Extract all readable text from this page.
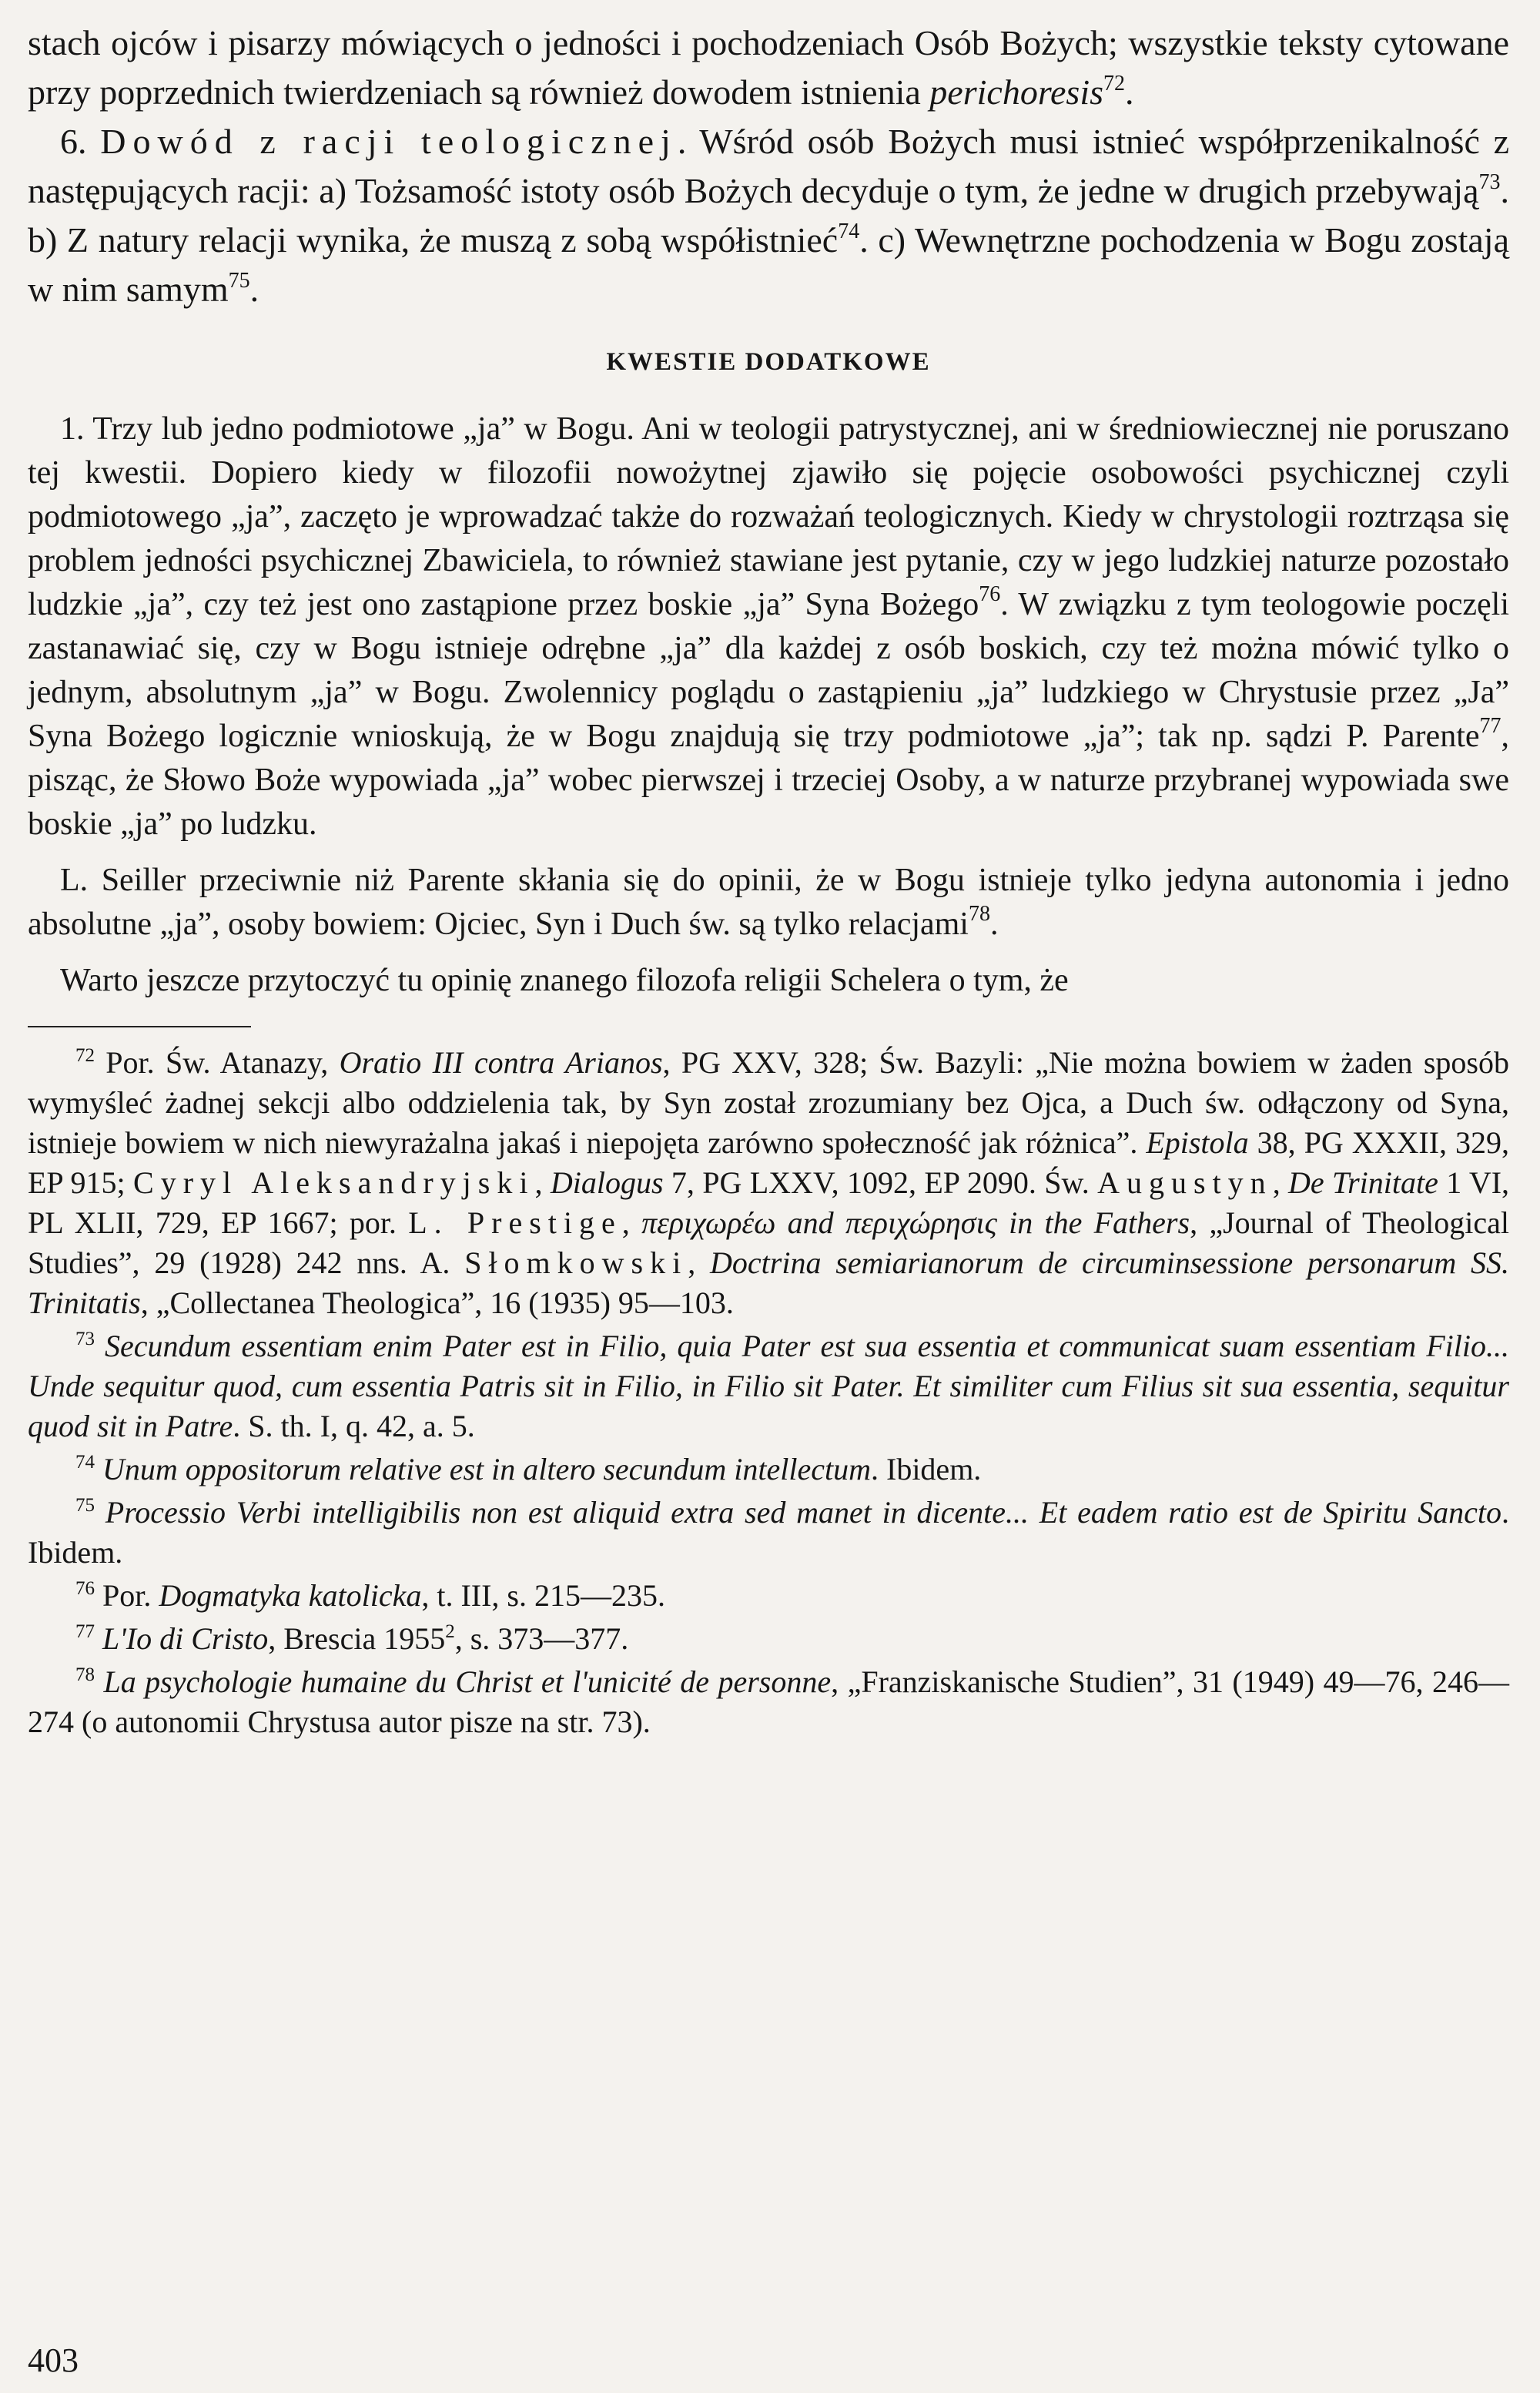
stach ojców i pisarzy mówiących o jedności i pochodzeniach Osób Bożych; wszystkie teksty cytowane przy poprzednich twierdzeniach są również dowodem istnienia perichoresis$^{72}$.

6. Dowód z racji teologicznej. Wśród osób Bożych musi istnieć współprzenikalność z następujących racji: a) Tożsamość istoty osób Bożych decyduje o tym, że jedne w drugich przebywają$^{73}$. b) Z natury relacji wynika, że muszą z sobą współistnieć$^{74}$. c) Wewnętrzne pochodzenia w Bogu zostają w nim samym$^{75}$.

KWESTIE DODATKOWE

1. Trzy lub jedno podmiotowe „ja” w Bogu. Ani w teologii patrystycznej, ani w średniowiecznej nie poruszano tej kwestii. Dopiero kiedy w filozofii nowożytnej zjawiło się pojęcie osobowości psychicznej czyli podmiotowego „ja”, zaczęto je wprowadzać także do rozważań teologicznych. Kiedy w chrystologii roztrząsa się problem jedności psychicznej Zbawiciela, to również stawiane jest pytanie, czy w jego ludzkiej naturze pozostało ludzkie „ja”, czy też jest ono zastąpione przez boskie „ja” Syna Bożego$^{76}$. W związku z tym teologowie poczęli zastanawiać się, czy w Bogu istnieje odrębne „ja” dla każdej z osób boskich, czy też można mówić tylko o jednym, absolutnym „ja” w Bogu. Zwolennicy poglądu o zastąpieniu „ja” ludzkiego w Chrystusie przez „Ja” Syna Bożego logicznie wnioskują, że w Bogu znajdują się trzy podmiotowe „ja”; tak np. sądzi P. Parente$^{77}$, pisząc, że Słowo Boże wypowiada „ja” wobec pierwszej i trzeciej Osoby, a w naturze przybranej wypowiada swe boskie „ja” po ludzku.

L. Seiller przeciwnie niż Parente skłania się do opinii, że w Bogu istnieje tylko jedyna autonomia i jedno absolutne „ja”, osoby bowiem: Ojciec, Syn i Duch św. są tylko relacjami$^{78}$.

Warto jeszcze przytoczyć tu opinię znanego filozofa religii Schelera o tym, że

$^{72}$ Por. Św. Atanazy, Oratio III contra Arianos, PG XXV, 328; Św. Bazyli: „Nie można bowiem w żaden sposób wymyśleć żadnej sekcji albo oddzielenia tak, by Syn został zrozumiany bez Ojca, a Duch św. odłączony od Syna, istnieje bowiem w nich niewyrażalna jakaś i niepojęta zarówno społeczność jak różnica”. Epistola 38, PG XXXII, 329, EP 915; Cyryl Aleksandryjski, Dialogus 7, PG LXXV, 1092, EP 2090. Św. Augustyn, De Trinitate 1 VI, PL XLII, 729, EP 1667; por. L. Prestige, περιχωρέω and περιχώρησις in the Fathers, „Journal of Theological Studies”, 29 (1928) 242 nns. A. Słomkowski, Doctrina semiarianorum de circuminsessione personarum SS. Trinitatis, „Collectanea Theologica”, 16 (1935) 95—103.

$^{73}$ Secundum essentiam enim Pater est in Filio, quia Pater est sua essentia et communicat suam essentiam Filio... Unde sequitur quod, cum essentia Patris sit in Filio, in Filio sit Pater. Et similiter cum Filius sit sua essentia, sequitur quod sit in Patre. S. th. I, q. 42, a. 5.

$^{74}$ Unum oppositorum relative est in altero secundum intellectum. Ibidem.

$^{75}$ Processio Verbi intelligibilis non est aliquid extra sed manet in dicente... Et eadem ratio est de Spiritu Sancto. Ibidem.

$^{76}$ Por. Dogmatyka katolicka, t. III, s. 215—235.

$^{77}$ L'Io di Cristo, Brescia 1955$^2$, s. 373—377.

$^{78}$ La psychologie humaine du Christ et l'unicité de personne, „Franziskanische Studien”, 31 (1949) 49—76, 246—274 (o autonomii Chrystusa autor pisze na str. 73).

403
